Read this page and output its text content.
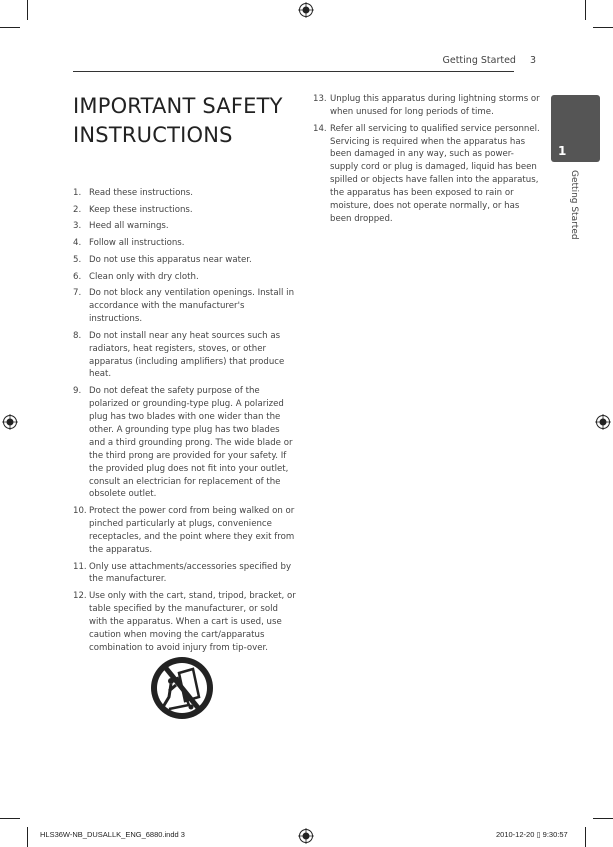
Getting Started 3
IMPORTANT SAFETY
INSTRUCTIONS
1. Read these instructions.
2. Keep these instructions.
3. Heed all warnings.
4. Follow all instructions.
5. Do not use this apparatus near water.
6. Clean only with dry cloth.
7. Do not block any ventilation openings. Install in accordance with the manufacturer's instructions.
8. Do not install near any heat sources such as radiators, heat registers, stoves, or other apparatus (including amplifiers) that produce heat.
9. Do not defeat the safety purpose of the polarized or grounding-type plug. A polarized plug has two blades with one wider than the other. A grounding type plug has two blades and a third grounding prong. The wide blade or the third prong are provided for your safety. If the provided plug does not fit into your outlet, consult an electrician for replacement of the obsolete outlet.
10. Protect the power cord from being walked on or pinched particularly at plugs, convenience receptacles, and the point where they exit from the apparatus.
11. Only use attachments/accessories specified by the manufacturer.
12. Use only with the cart, stand, tripod, bracket, or table specified by the manufacturer, or sold with the apparatus. When a cart is used, use caution when moving the cart/apparatus combination to avoid injury from tip-over.
13. Unplug this apparatus during lightning storms or when unused for long periods of time.
14. Refer all servicing to qualified service personnel. Servicing is required when the apparatus has been damaged in any way, such as power-supply cord or plug is damaged, liquid has been spilled or objects have fallen into the apparatus, the apparatus has been exposed to rain or moisture, does not operate normally, or has been dropped.
1
Getting Started
HLS36W-NB_DUSALLK_ENG_6880.indd 3	2010-12-20 ▯ 9:30:57
